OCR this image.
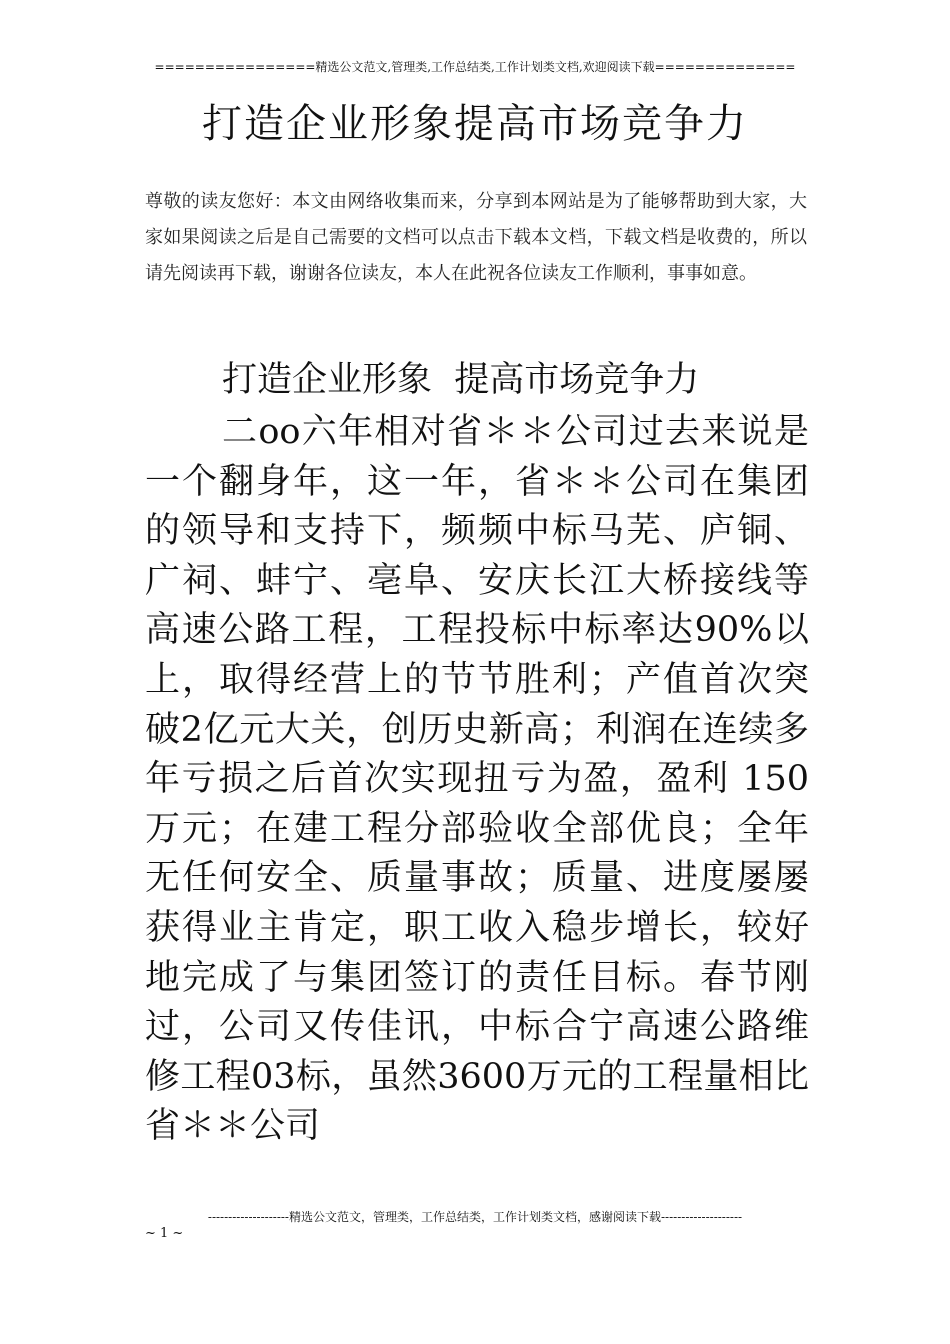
================精选公文范文,管理类,工作总结类,工作计划类文档,欢迎阅读下载==============
打造企业形象提高市场竞争力
尊敬的读友您好：本文由网络收集而来，分享到本网站是为了能够帮助到大家，大家如果阅读之后是自己需要的文档可以点击下载本文档，下载文档是收费的，所以请先阅读再下载，谢谢各位读友，本人在此祝各位读友工作顺利，事事如意。
打造企业形象  提高市场竞争力
二oo六年相对省＊＊公司过去来说是一个翻身年，这一年，省＊＊公司在集团的领导和支持下，频频中标马芜、庐铜、广祠、蚌宁、亳阜、安庆长江大桥接线等高速公路工程，工程投标中标率达90%以上，取得经营上的节节胜利；产值首次突破2亿元大关，创历史新高；利润在连续多年亏损之后首次实现扭亏为盈，盈利 150 万元；在建工程分部验收全部优良；全年无任何安全、质量事故；质量、进度屡屡获得业主肯定，职工收入稳步增长，较好地完成了与集团签订的责任目标。春节刚过，公司又传佳讯，中标合宁高速公路维修工程03标，虽然3600万元的工程量相比省＊＊公司
--------------------精选公文范文，管理类，工作总结类，工作计划类文档，感谢阅读下载--------------------
~ 1 ~
